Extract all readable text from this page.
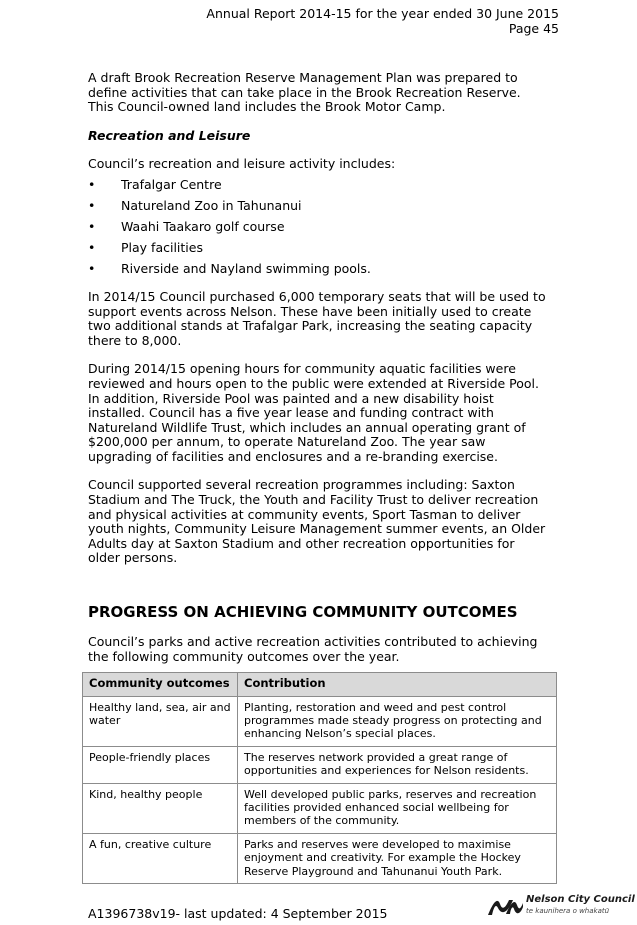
Annual Report 2014-15 for the year ended 30 June 2015
Page 45

A draft Brook Recreation Reserve Management Plan was prepared to define activities that can take place in the Brook Recreation Reserve. This Council-owned land includes the Brook Motor Camp.

Recreation and Leisure

Council’s recreation and leisure activity includes:

• Trafalgar Centre
• Natureland Zoo in Tahunanui
• Waahi Taakaro golf course
• Play facilities
• Riverside and Nayland swimming pools.

In 2014/15 Council purchased 6,000 temporary seats that will be used to support events across Nelson. These have been initially used to create two additional stands at Trafalgar Park, increasing the seating capacity there to 8,000.

During 2014/15 opening hours for community aquatic facilities were reviewed and hours open to the public were extended at Riverside Pool. In addition, Riverside Pool was painted and a new disability hoist installed. Council has a five year lease and funding contract with Natureland Wildlife Trust, which includes an annual operating grant of $200,000 per annum, to operate Natureland Zoo. The year saw upgrading of facilities and enclosures and a re-branding exercise.

Council supported several recreation programmes including: Saxton Stadium and The Truck, the Youth and Facility Trust to deliver recreation and physical activities at community events, Sport Tasman to deliver youth nights, Community Leisure Management summer events, an Older Adults day at Saxton Stadium and other recreation opportunities for older persons.

PROGRESS ON ACHIEVING COMMUNITY OUTCOMES

Council’s parks and active recreation activities contributed to achieving the following community outcomes over the year.

Community outcomes	Contribution
Healthy land, sea, air and water	Planting, restoration and weed and pest control programmes made steady progress on protecting and enhancing Nelson’s special places.
People-friendly places	The reserves network provided a great range of opportunities and experiences for Nelson residents.
Kind, healthy people	Well developed public parks, reserves and recreation facilities provided enhanced social wellbeing for members of the community.
A fun, creative culture	Parks and reserves were developed to maximise enjoyment and creativity. For example the Hockey Reserve Playground and Tahunanui Youth Park.
A1396738v19- last updated: 4 September 2015
Nelson City Council
te kaunihera o whakatū
